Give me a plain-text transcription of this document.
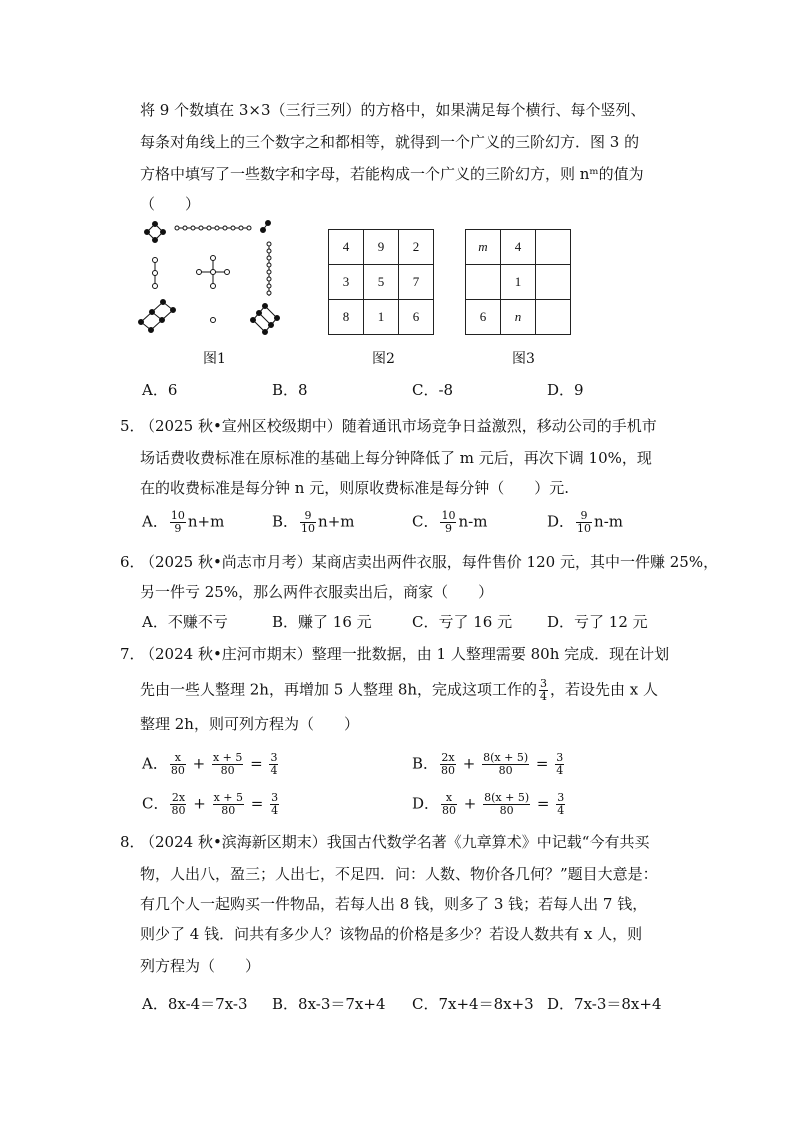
将 9 个数填在 3×3（三行三列）的方格中，如果满足每个横行、每个竖列、
每条对角线上的三个数字之和都相等，就得到一个广义的三阶幻方．图 3 的
方格中填写了一些数字和字母，若能构成一个广义的三阶幻方，则 nᵐ的值为
（　　）
4	9	2
3	5	7
8	1	6
m	4	
	1	
6	n	
图1	图2	图3
A．6	B．8	C．-8	D．9
5．
（2025 秋•宣州区校级期中）随着通讯市场竞争日益激烈，移动公司的手机市
场话费收费标准在原标准的基础上每分钟降低了 m 元后，再次下调 10%，现
在的收费标准是每分钟 n 元，则原收费标准是每分钟（　　）元.
A． $\frac{10}{9} n+m$	B． $\frac{9}{10} n+m$	C． $\frac{10}{9} n-m$	D． $\frac{9}{10} n-m$
6．
（2025 秋•尚志市月考）某商店卖出两件衣服，每件售价 120 元，其中一件赚 25%，
另一件亏 25%，那么两件衣服卖出后，商家（　　）
A．不赚不亏	B．赚了 16 元	C．亏了 16 元 D．亏了 12 元
7．
（2024 秋•庄河市期末）整理一批数据，由 1 人整理需要 80h 完成．现在计划
先由一些人整理 2h，再增加 5 人整理 8h，完成这项工作的 $\frac{3}{4}$ ，若设先由 x 人
整理 2h，则可列方程为（　　）
A． $\frac{x}{80} + \frac{x + 5}{80} = \frac{3}{4}$	B． $\frac{2x}{80} + \frac{8(x + 5)}{80} = \frac{3}{4}$
C． $\frac{2x}{80} + \frac{x + 5}{80} = \frac{3}{4}$	D． $\frac{x}{80} + \frac{8(x + 5)}{80} = \frac{3}{4}$
8．
（2024 秋•滨海新区期末）我国古代数学名著《九章算术》中记载“今有共买
物，人出八，盈三；人出七，不足四．问：人数、物价各几何？”题目大意是：
有几个人一起购买一件物品，若每人出 8 钱，则多了 3 钱；若每人出 7 钱，
则少了 4 钱．问共有多少人？该物品的价格是多少？若设人数共有 x 人，则
列方程为（　　）
A．8x-4＝7x-3 B．8x-3＝7x+4 C．7x+4＝8x+3 D．7x-3＝8x+4
